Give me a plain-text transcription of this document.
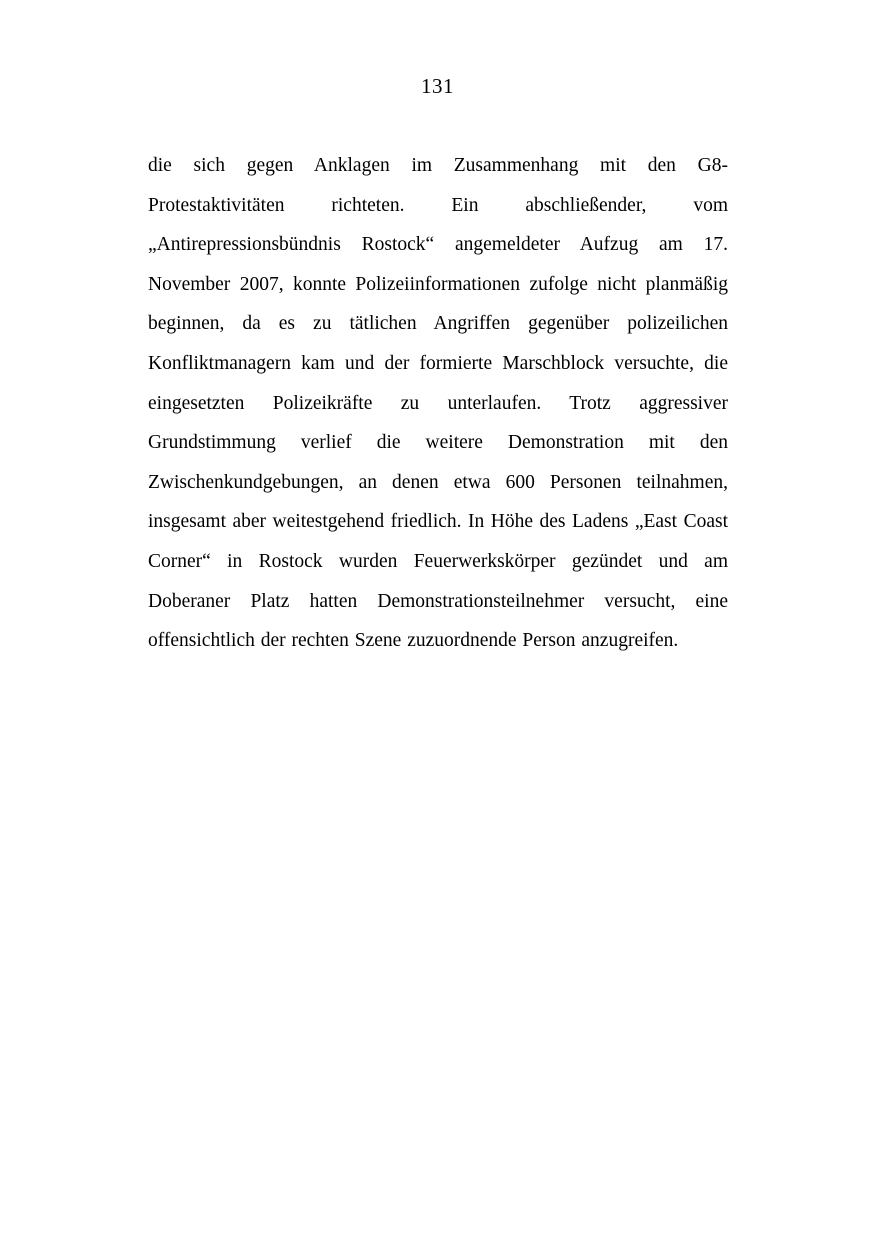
131
die sich gegen Anklagen im Zusammenhang mit den G8-Protestaktivitäten richteten. Ein abschließender, vom „Antirepressionsbündnis Rostock“ angemeldeter Aufzug am 17. November 2007, konnte Polizeiinformationen zufolge nicht planmäßig beginnen, da es zu tätlichen Angriffen gegenüber polizeilichen Konfliktmanagern kam und der formierte Marschblock versuchte, die eingesetzten Polizeikräfte zu unterlaufen. Trotz aggressiver Grundstimmung verlief die weitere Demonstration mit den Zwischenkundgebungen, an denen etwa 600 Personen teilnahmen, insgesamt aber weitestgehend friedlich. In Höhe des Ladens „East Coast Corner“ in Rostock wurden Feuerwerkskörper gezündet und am Doberaner Platz hatten Demonstrationsteilnehmer versucht, eine offensichtlich der rechten Szene zuzuordnende Person anzugreifen.
